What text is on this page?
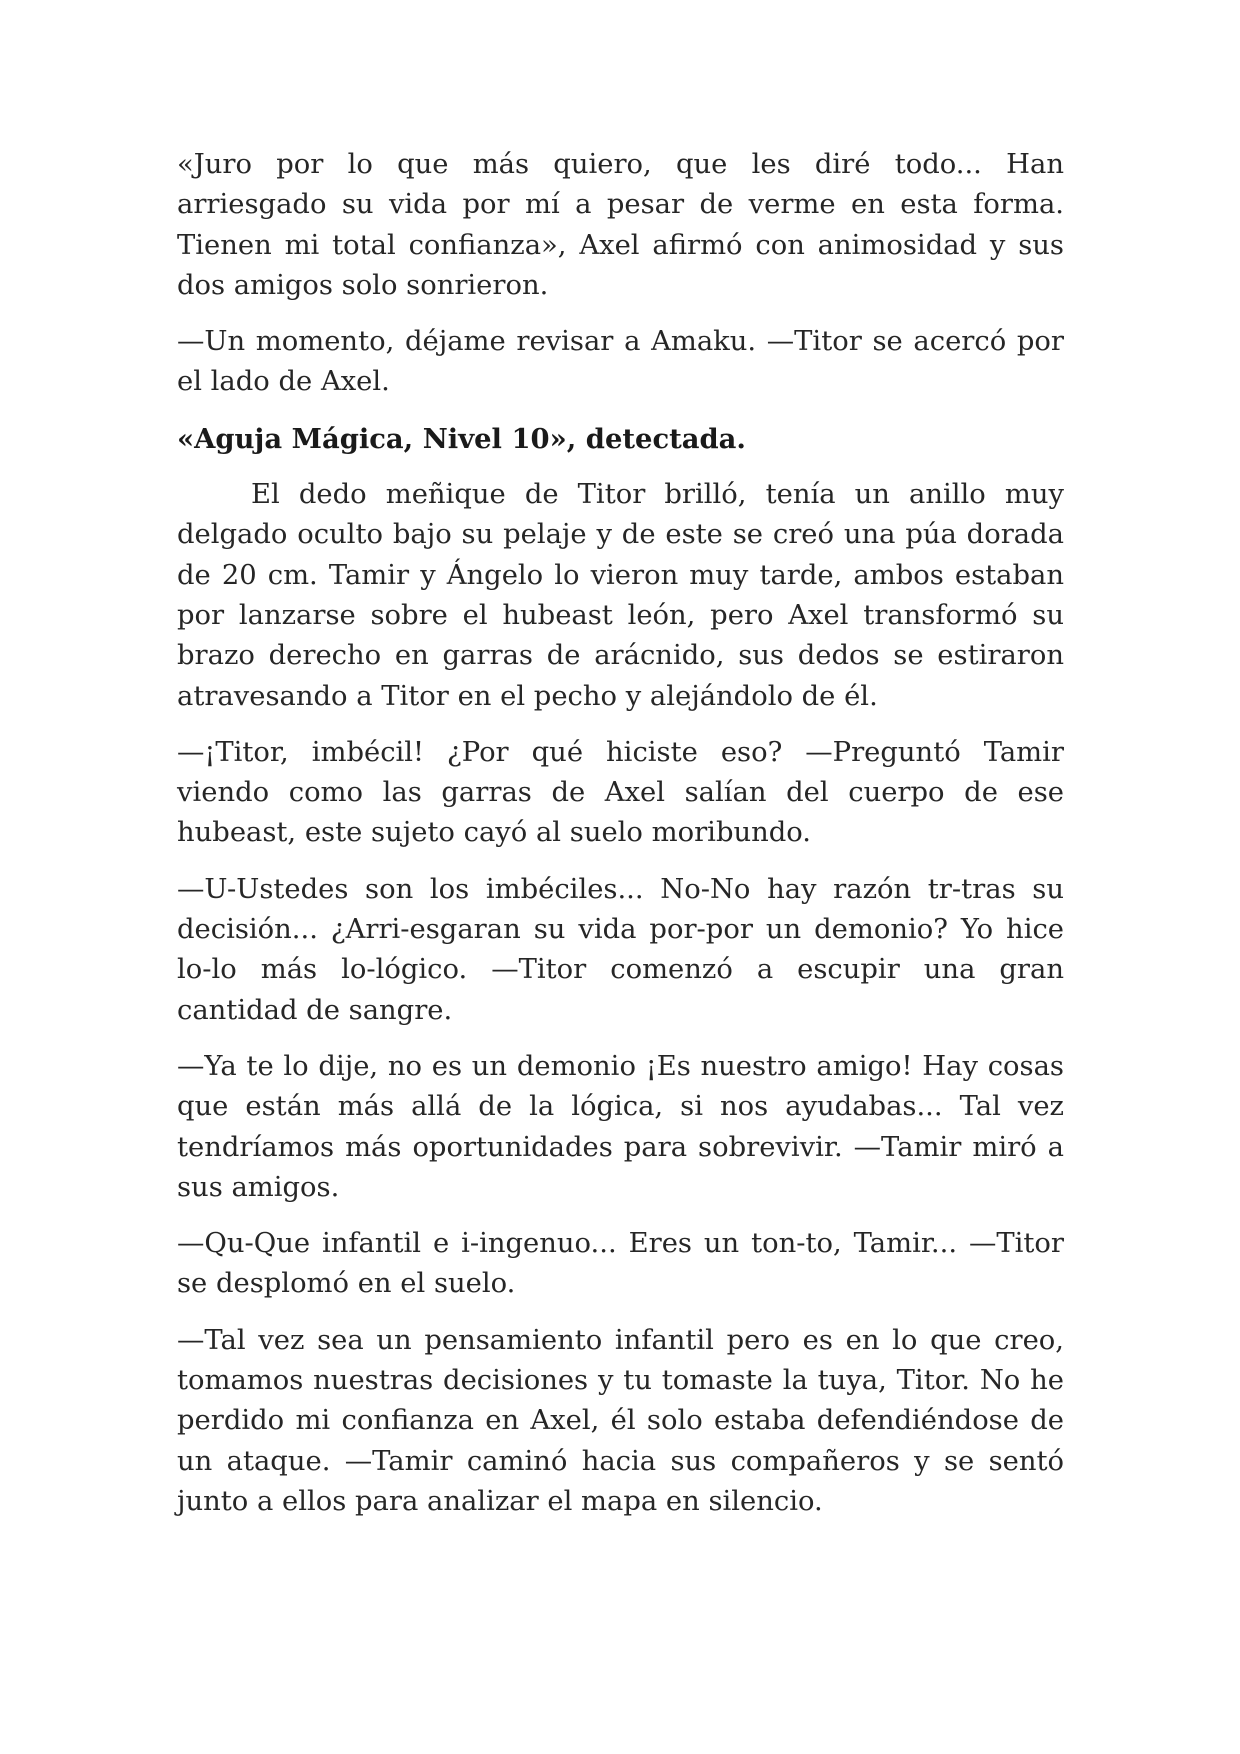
«Juro por lo que más quiero, que les diré todo... Han arriesgado su vida por mí a pesar de verme en esta forma. Tienen mi total confianza», Axel afirmó con animosidad y sus dos amigos solo sonrieron.

—Un momento, déjame revisar a Amaku. —Titor se acercó por el lado de Axel.

«Aguja Mágica, Nivel 10», detectada.

El dedo meñique de Titor brilló, tenía un anillo muy delgado oculto bajo su pelaje y de este se creó una púa dorada de 20 cm. Tamir y Ángelo lo vieron muy tarde, ambos estaban por lanzarse sobre el hubeast león, pero Axel transformó su brazo derecho en garras de arácnido, sus dedos se estiraron atravesando a Titor en el pecho y alejándolo de él.

—¡Titor, imbécil! ¿Por qué hiciste eso? —Preguntó Tamir viendo como las garras de Axel salían del cuerpo de ese hubeast, este sujeto cayó al suelo moribundo.

—U-Ustedes son los imbéciles... No-No hay razón tr-tras su decisión... ¿Arri-esgaran su vida por-por un demonio? Yo hice lo-lo más lo-lógico. —Titor comenzó a escupir una gran cantidad de sangre.

—Ya te lo dije, no es un demonio ¡Es nuestro amigo! Hay cosas que están más allá de la lógica, si nos ayudabas... Tal vez tendríamos más oportunidades para sobrevivir. —Tamir miró a sus amigos.

—Qu-Que infantil e i-ingenuo... Eres un ton-to, Tamir... —Titor se desplomó en el suelo.

—Tal vez sea un pensamiento infantil pero es en lo que creo, tomamos nuestras decisiones y tu tomaste la tuya, Titor. No he perdido mi confianza en Axel, él solo estaba defendiéndose de un ataque. —Tamir caminó hacia sus compañeros y se sentó junto a ellos para analizar el mapa en silencio.
